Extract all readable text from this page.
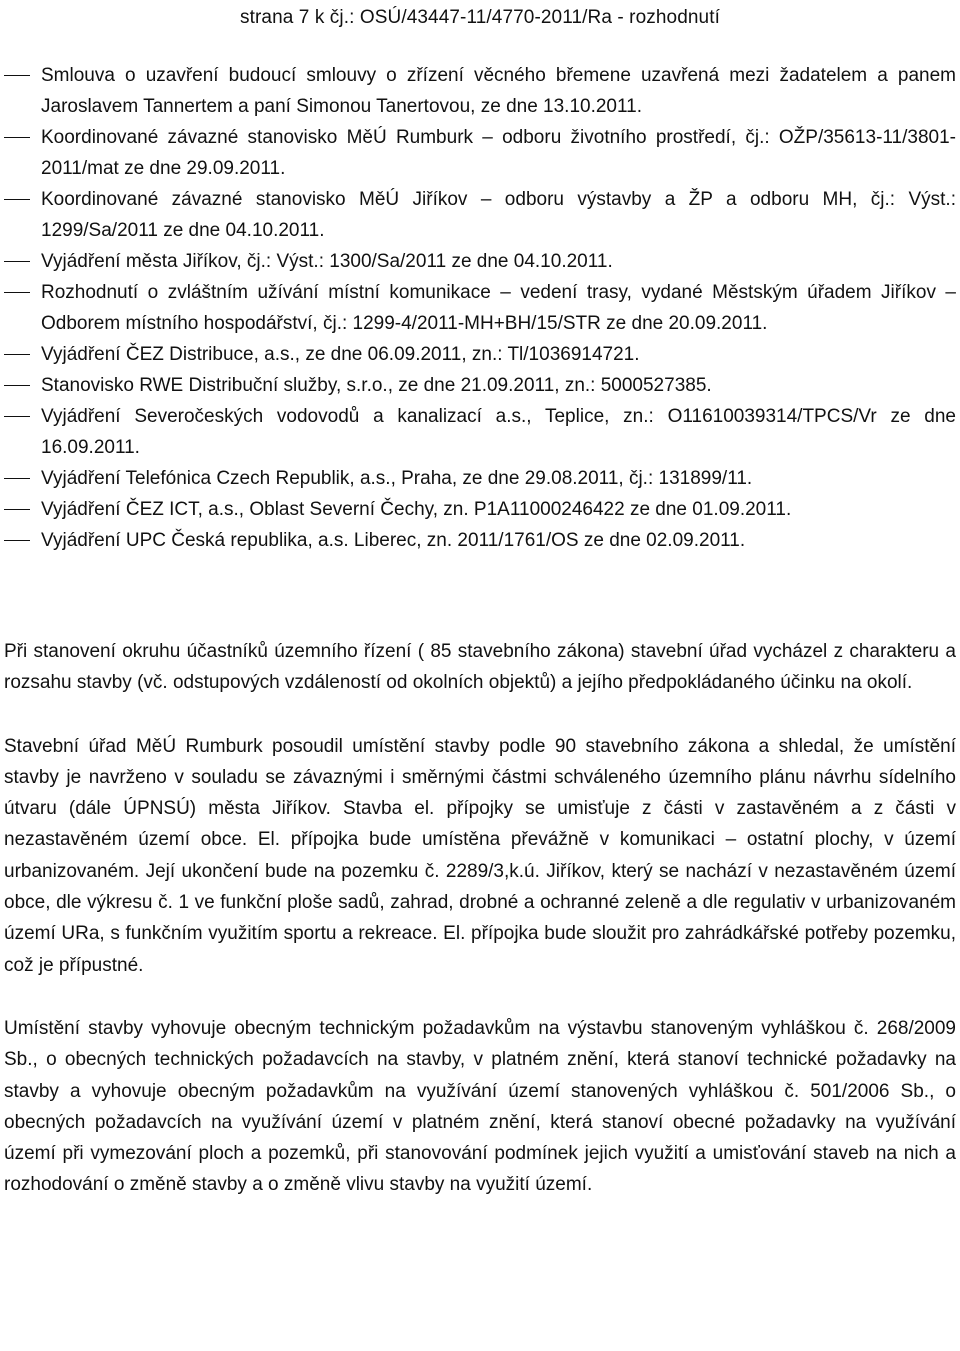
strana 7 k čj.: OSÚ/43447-11/4770-2011/Ra - rozhodnutí
Smlouva o uzavření budoucí smlouvy o zřízení věcného břemene uzavřená mezi žadatelem a panem Jaroslavem Tannertem a paní Simonou Tanertovou, ze dne 13.10.2011.
Koordinované závazné stanovisko MěÚ Rumburk – odboru životního prostředí, čj.: OŽP/35613-11/3801-2011/mat ze dne 29.09.2011.
Koordinované závazné stanovisko MěÚ Jiříkov – odboru výstavby a ŽP a odboru MH, čj.: Výst.: 1299/Sa/2011 ze dne 04.10.2011.
Vyjádření města Jiříkov, čj.: Výst.: 1300/Sa/2011 ze dne 04.10.2011.
Rozhodnutí o zvláštním užívání místní komunikace – vedení trasy, vydané Městským úřadem Jiříkov – Odborem místního hospodářství, čj.: 1299-4/2011-MH+BH/15/STR ze dne 20.09.2011.
Vyjádření ČEZ Distribuce, a.s., ze dne 06.09.2011, zn.: Tl/1036914721.
Stanovisko RWE Distribuční služby, s.r.o., ze dne 21.09.2011, zn.: 5000527385.
Vyjádření Severočeských vodovodů a kanalizací a.s., Teplice, zn.: O11610039314/TPCS/Vr ze dne 16.09.2011.
Vyjádření Telefónica Czech Republik, a.s., Praha, ze dne 29.08.2011, čj.: 131899/11.
Vyjádření ČEZ ICT, a.s., Oblast Severní Čechy, zn. P1A11000246422 ze dne 01.09.2011.
Vyjádření UPC Česká republika, a.s. Liberec, zn. 2011/1761/OS ze dne 02.09.2011.

Při stanovení okruhu účastníků územního řízení ( 85 stavebního zákona) stavební úřad vycházel z charakteru a rozsahu stavby (vč. odstupových vzdáleností od okolních objektů) a jejího předpokládaného účinku na okolí.

Stavební úřad MěÚ Rumburk posoudil umístění stavby podle 90 stavebního zákona a shledal, že umístění stavby je navrženo v souladu se závaznými i směrnými částmi schváleného územního plánu návrhu sídelního útvaru (dále ÚPNSÚ) města Jiříkov. Stavba el. přípojky se umisťuje z části v zastavěném a z části v nezastavěném území obce. El. přípojka bude umístěna převážně v komunikaci – ostatní plochy, v území urbanizovaném. Její ukončení bude na pozemku č. 2289/3,k.ú. Jiříkov, který se nachází v nezastavěném území obce, dle výkresu č. 1 ve funkční ploše sadů, zahrad, drobné a ochranné zeleně a dle regulativ v urbanizovaném území URa, s funkčním využitím sportu a rekreace. El. přípojka bude sloužit pro zahrádkářské potřeby pozemku, což je přípustné.

Umístění stavby vyhovuje obecným technickým požadavkům na výstavbu stanoveným vyhláškou č. 268/2009 Sb., o obecných technických požadavcích na stavby, v platném znění, která stanoví technické požadavky na stavby a vyhovuje obecným požadavkům na využívání území stanovených vyhláškou č. 501/2006 Sb., o obecných požadavcích na využívání území v platném znění, která stanoví obecné požadavky na využívání území při vymezování ploch a pozemků, při stanovování podmínek jejich využití a umisťování staveb na nich a rozhodování o změně stavby a o změně vlivu stavby na využití území.
